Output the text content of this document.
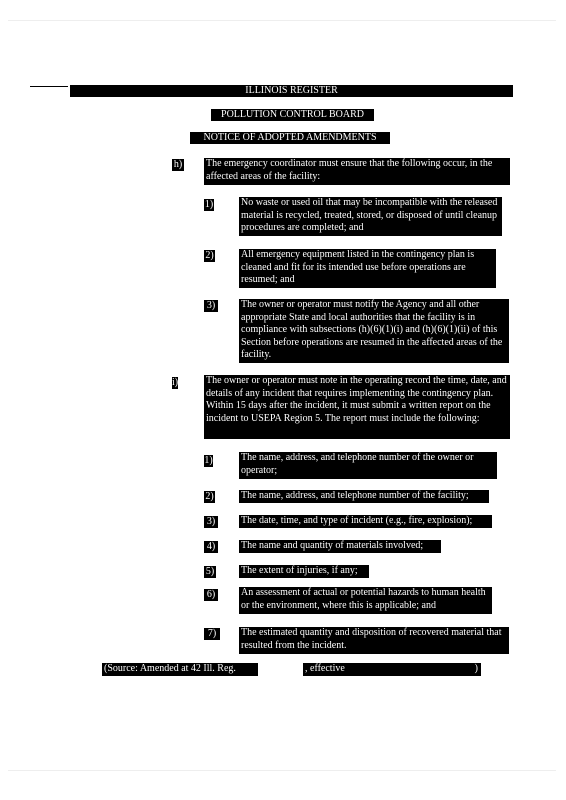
ILLINOIS REGISTER
POLLUTION CONTROL BOARD
NOTICE OF ADOPTED AMENDMENTS
h) The emergency coordinator must ensure that the following occur, in the affected areas of the facility:
1)	No waste or used oil that may be incompatible with the released material is recycled, treated, stored, or disposed of until cleanup procedures are completed; and
2)	All emergency equipment listed in the contingency plan is cleaned and fit for its intended use before operations are resumed; and
3)	The owner or operator must notify the Agency and all other appropriate State and local authorities that the facility is in compliance with subsections (h)(6)(1)(i) and (h)(6)(1)(ii) of this Section before operations are resumed in the affected areas of the facility.
i)	The owner or operator must note in the operating record the time, date, and details of any incident that requires implementing the contingency plan. Within 15 days after the incident, it must submit a written report on the incident to USEPA Region 5. The report must include the following:
1)	The name, address, and telephone number of the owner or operator;
2)	The name, address, and telephone number of the facility;
3)	The date, time, and type of incident (e.g., fire, explosion);
4)	The name and quantity of materials involved;
5)	The extent of injuries, if any;
6)	An assessment of actual or potential hazards to human health or the environment, where this is applicable; and
7)	The estimated quantity and disposition of recovered material that resulted from the incident.
(Source: Amended at 42 Ill. Reg.	, effective	)
